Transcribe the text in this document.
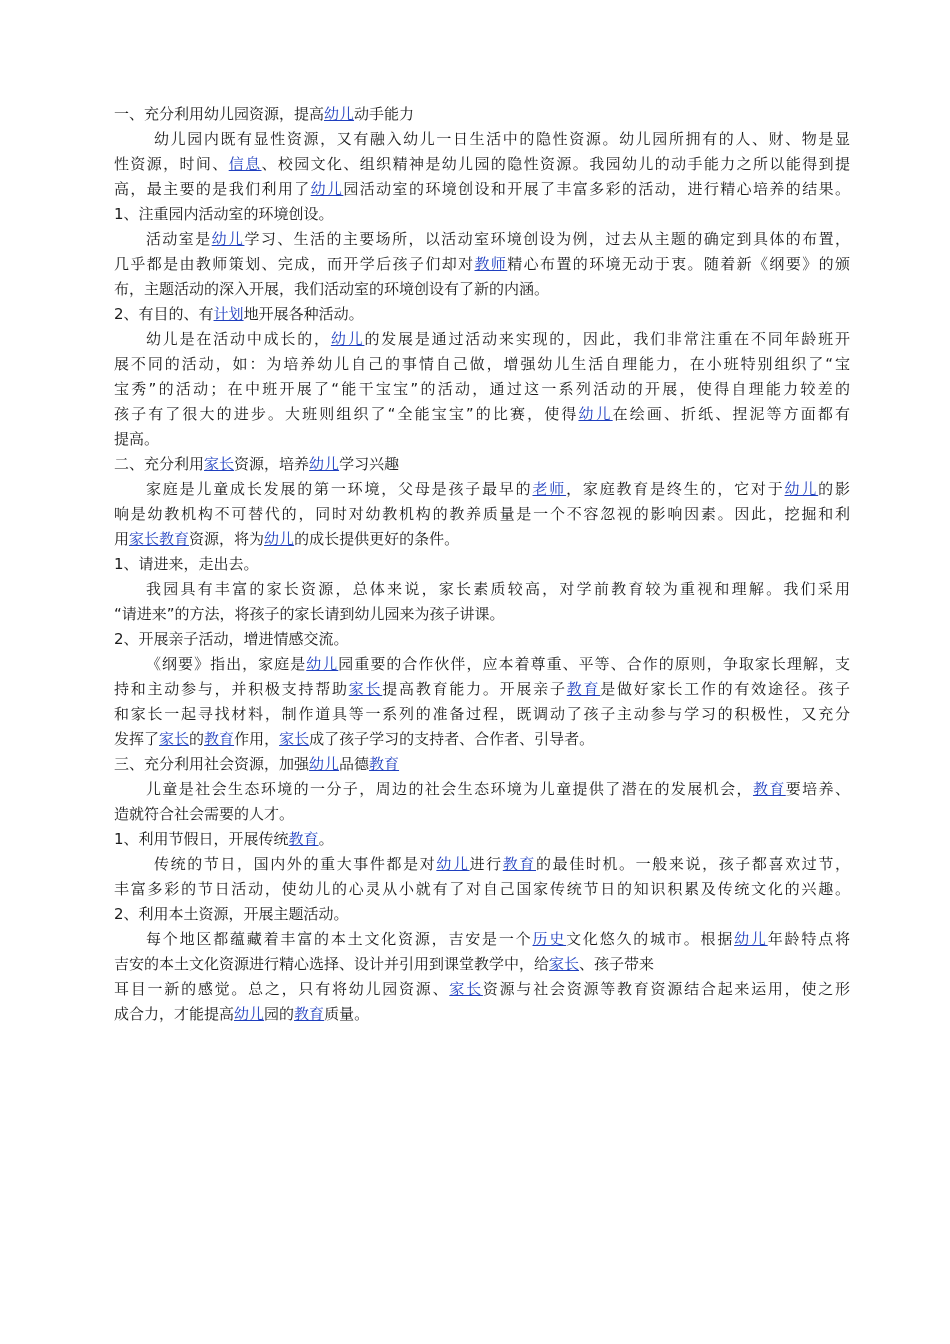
一、充分利用幼儿园资源，提高幼儿动手能力
幼儿园内既有显性资源，又有融入幼儿一日生活中的隐性资源。幼儿园所拥有的人、财、物是显
性资源，时间、信息、校园文化、组织精神是幼儿园的隐性资源。我园幼儿的动手能力之所以能得到提
高，最主要的是我们利用了幼儿园活动室的环境创设和开展了丰富多彩的活动，进行精心培养的结果。
1、注重园内活动室的环境创设。
活动室是幼儿学习、生活的主要场所，以活动室环境创设为例，过去从主题的确定到具体的布置，
几乎都是由教师策划、完成，而开学后孩子们却对教师精心布置的环境无动于衷。随着新《纲要》的颁
布，主题活动的深入开展，我们活动室的环境创设有了新的内涵。
2、有目的、有计划地开展各种活动。
幼儿是在活动中成长的，幼儿的发展是通过活动来实现的，因此，我们非常注重在不同年龄班开
展不同的活动，如：为培养幼儿自己的事情自己做，增强幼儿生活自理能力，在小班特别组织了“宝
宝秀”的活动；在中班开展了“能干宝宝”的活动，通过这一系列活动的开展，使得自理能力较差的
孩子有了很大的进步。大班则组织了“全能宝宝”的比赛，使得幼儿在绘画、折纸、捏泥等方面都有
提高。
二、充分利用家长资源，培养幼儿学习兴趣
家庭是儿童成长发展的第一环境，父母是孩子最早的老师，家庭教育是终生的，它对于幼儿的影
响是幼教机构不可替代的，同时对幼教机构的教养质量是一个不容忽视的影响因素。因此，挖掘和利
用家长教育资源，将为幼儿的成长提供更好的条件。
1、请进来，走出去。
我园具有丰富的家长资源，总体来说，家长素质较高，对学前教育较为重视和理解。我们采用
“请进来”的方法，将孩子的家长请到幼儿园来为孩子讲课。
2、开展亲子活动，增进情感交流。
《纲要》指出，家庭是幼儿园重要的合作伙伴，应本着尊重、平等、合作的原则，争取家长理解，支
持和主动参与，并积极支持帮助家长提高教育能力。开展亲子教育是做好家长工作的有效途径。孩子
和家长一起寻找材料，制作道具等一系列的准备过程，既调动了孩子主动参与学习的积极性，又充分
发挥了家长的教育作用，家长成了孩子学习的支持者、合作者、引导者。
三、充分利用社会资源，加强幼儿品德教育
儿童是社会生态环境的一分子，周边的社会生态环境为儿童提供了潜在的发展机会，教育要培养、
造就符合社会需要的人才。
1、利用节假日，开展传统教育。
传统的节日，国内外的重大事件都是对幼儿进行教育的最佳时机。一般来说，孩子都喜欢过节，
丰富多彩的节日活动，使幼儿的心灵从小就有了对自己国家传统节日的知识积累及传统文化的兴趣。
2、利用本土资源，开展主题活动。
每个地区都蕴藏着丰富的本土文化资源，吉安是一个历史文化悠久的城市。根据幼儿年龄特点将
吉安的本土文化资源进行精心选择、设计并引用到课堂教学中，给家长、孩子带来
耳目一新的感觉。总之，只有将幼儿园资源、家长资源与社会资源等教育资源结合起来运用，使之形
成合力，才能提高幼儿园的教育质量。
